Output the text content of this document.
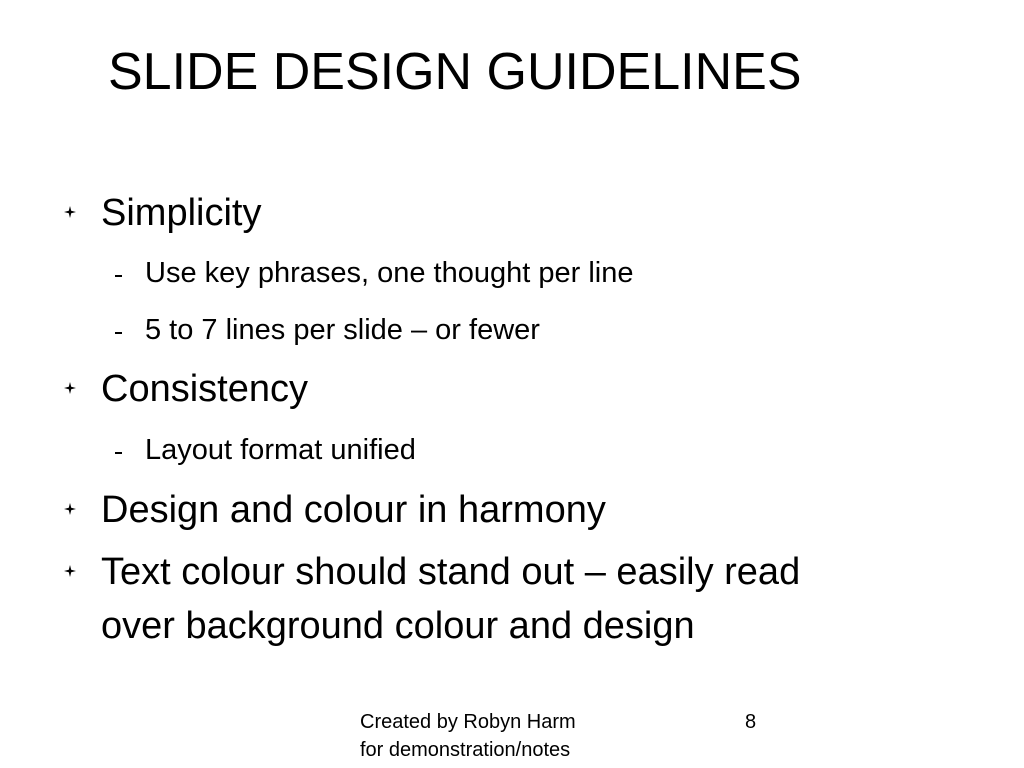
SLIDE DESIGN GUIDELINES
Simplicity
Use key phrases, one thought per line
5 to 7 lines per slide – or fewer
Consistency
Layout format unified
Design and colour in harmony
Text colour should stand out – easily read
over background colour and design
Created by Robyn Harm
for demonstration/notes
8
